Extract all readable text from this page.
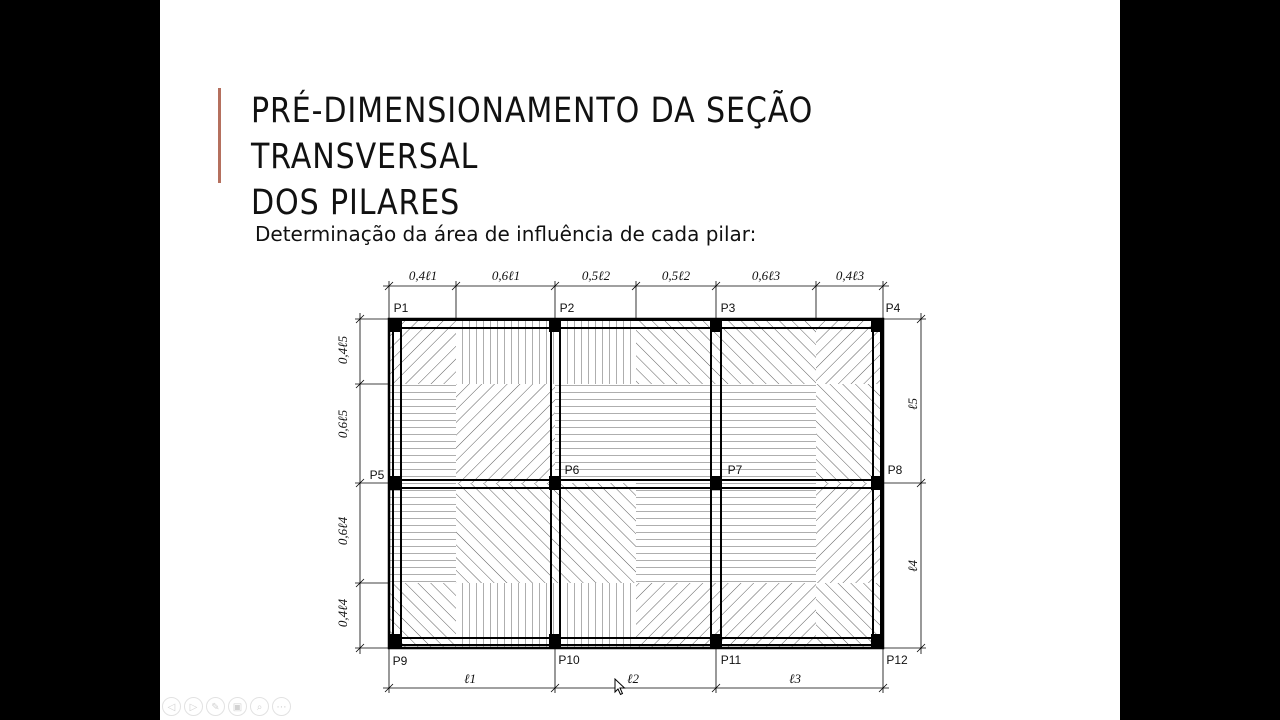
PRÉ-DIMENSIONAMENTO DA SEÇÃO TRANSVERSAL
DOS PILARES
Determinação da área de influência de cada pilar:
0,4ℓ1	0,6ℓ1	0,5ℓ2	0,5ℓ2	0,6ℓ3	0,4ℓ3
0,4ℓ5
0,6ℓ5
0,6ℓ4
0,4ℓ4
ℓ5
ℓ4
ℓ1	ℓ2	ℓ3
P1	P2	P3	P4
P5	P6	P7	P8
P9	P10	P11	P12
◁	▷	✎	▣	⌕	⋯
